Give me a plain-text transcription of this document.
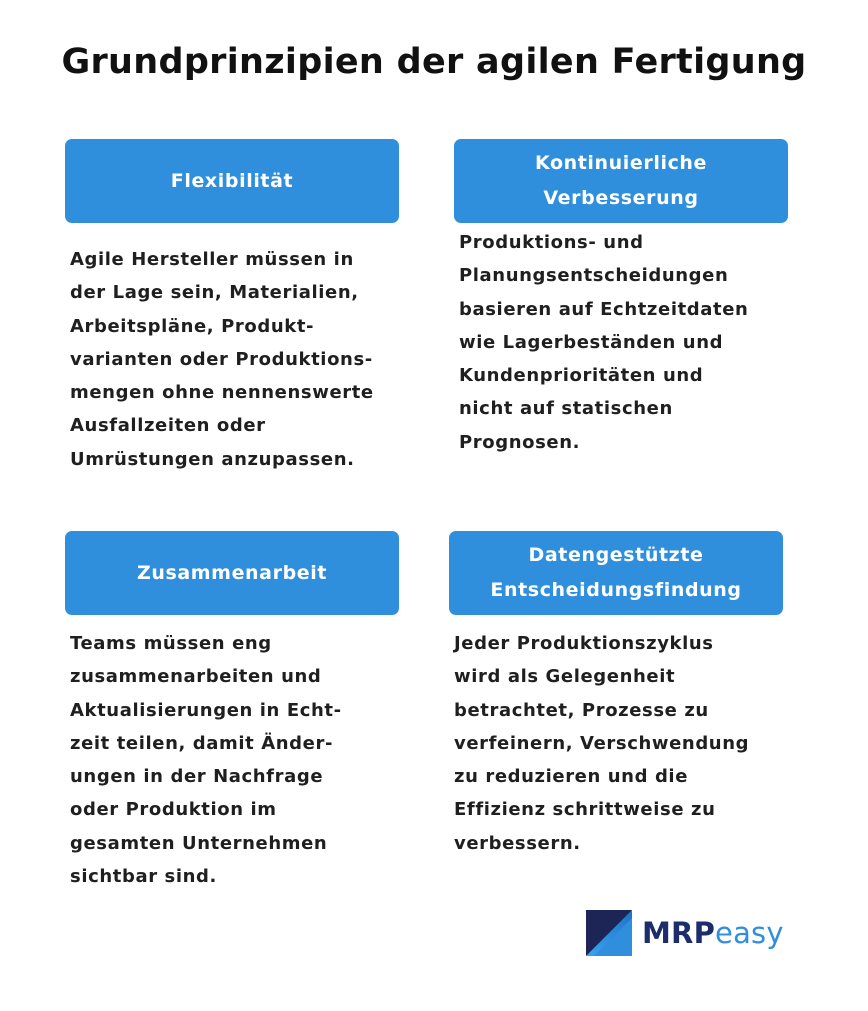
Grundprinzipien der agilen Fertigung
Flexibilität
Agile Hersteller müssen in
der Lage sein, Materialien,
Arbeitspläne, Produkt-
varianten oder Produktions-
mengen ohne nennenswerte
Ausfallzeiten oder
Umrüstungen anzupassen.
Kontinuierliche
Verbesserung
Produktions- und
Planungsentscheidungen
basieren auf Echtzeitdaten
wie Lagerbeständen und
Kundenprioritäten und
nicht auf statischen
Prognosen.
Zusammenarbeit
Teams müssen eng
zusammenarbeiten und
Aktualisierungen in Echt-
zeit teilen, damit Änder-
ungen in der Nachfrage
oder Produktion im
gesamten Unternehmen
sichtbar sind.
Datengestützte
Entscheidungsfindung
Jeder Produktionszyklus
wird als Gelegenheit
betrachtet, Prozesse zu
verfeinern, Verschwendung
zu reduzieren und die
Effizienz schrittweise zu
verbessern.
MRPeasy
